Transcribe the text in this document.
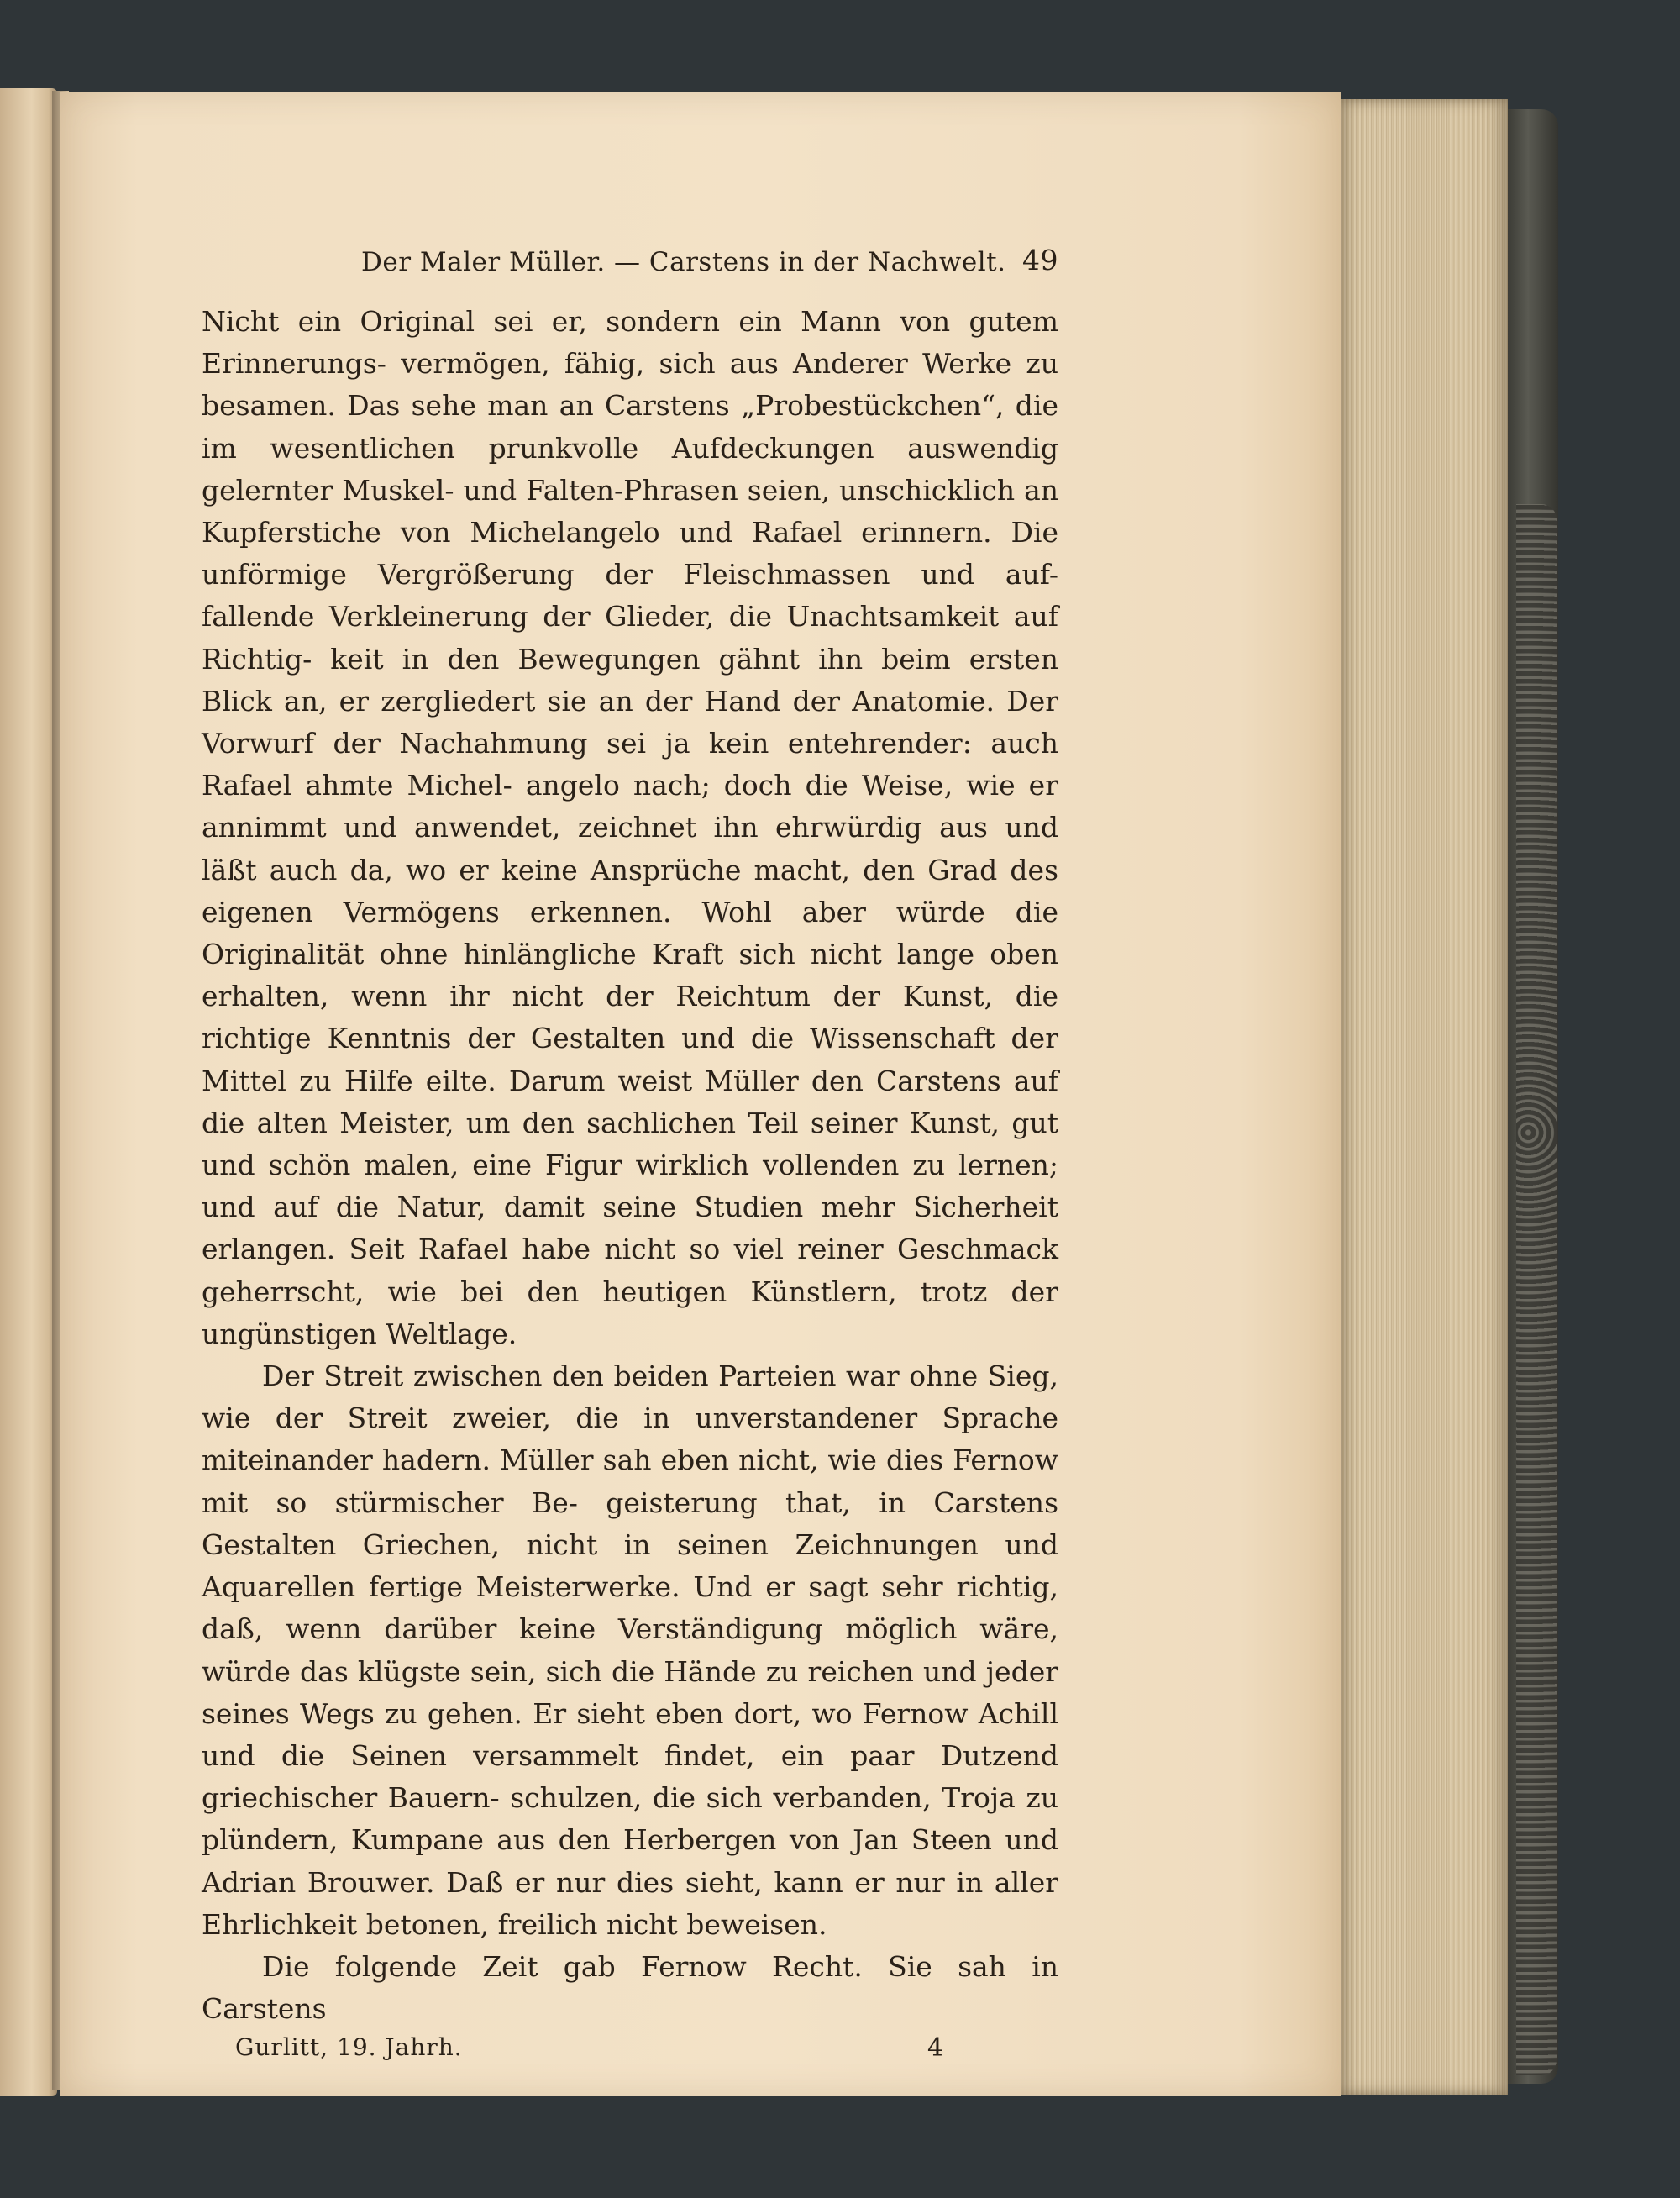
Der Maler Müller. — Carstens in der Nachwelt. 49

Nicht ein Original sei er, sondern ein Mann von gutem Erinnerungs- vermögen, fähig, sich aus Anderer Werke zu besamen. Das sehe man an Carstens „Probestückchen“, die im wesentlichen prunkvolle Aufdeckungen auswendig gelernter Muskel- und Falten-Phrasen seien, unschicklich an Kupferstiche von Michelangelo und Rafael erinnern. Die unförmige Vergrößerung der Fleischmassen und auf- fallende Verkleinerung der Glieder, die Unachtsamkeit auf Richtig- keit in den Bewegungen gähnt ihn beim ersten Blick an, er zergliedert sie an der Hand der Anatomie. Der Vorwurf der Nachahmung sei ja kein entehrender: auch Rafael ahmte Michel- angelo nach; doch die Weise, wie er annimmt und anwendet, zeichnet ihn ehrwürdig aus und läßt auch da, wo er keine Ansprüche macht, den Grad des eigenen Vermögens erkennen. Wohl aber würde die Originalität ohne hinlängliche Kraft sich nicht lange oben erhalten, wenn ihr nicht der Reichtum der Kunst, die richtige Kenntnis der Gestalten und die Wissenschaft der Mittel zu Hilfe eilte. Darum weist Müller den Carstens auf die alten Meister, um den sachlichen Teil seiner Kunst, gut und schön malen, eine Figur wirklich vollenden zu lernen; und auf die Natur, damit seine Studien mehr Sicherheit erlangen. Seit Rafael habe nicht so viel reiner Geschmack geherrscht, wie bei den heutigen Künstlern, trotz der ungünstigen Weltlage.

Der Streit zwischen den beiden Parteien war ohne Sieg, wie der Streit zweier, die in unverstandener Sprache miteinander hadern. Müller sah eben nicht, wie dies Fernow mit so stürmischer Be- geisterung that, in Carstens Gestalten Griechen, nicht in seinen Zeichnungen und Aquarellen fertige Meisterwerke. Und er sagt sehr richtig, daß, wenn darüber keine Verständigung möglich wäre, würde das klügste sein, sich die Hände zu reichen und jeder seines Wegs zu gehen. Er sieht eben dort, wo Fernow Achill und die Seinen versammelt findet, ein paar Dutzend griechischer Bauern- schulzen, die sich verbanden, Troja zu plündern, Kumpane aus den Herbergen von Jan Steen und Adrian Brouwer. Daß er nur dies sieht, kann er nur in aller Ehrlichkeit betonen, freilich nicht beweisen.

Die folgende Zeit gab Fernow Recht. Sie sah in Carstens

Gurlitt, 19. Jahrh.	4
